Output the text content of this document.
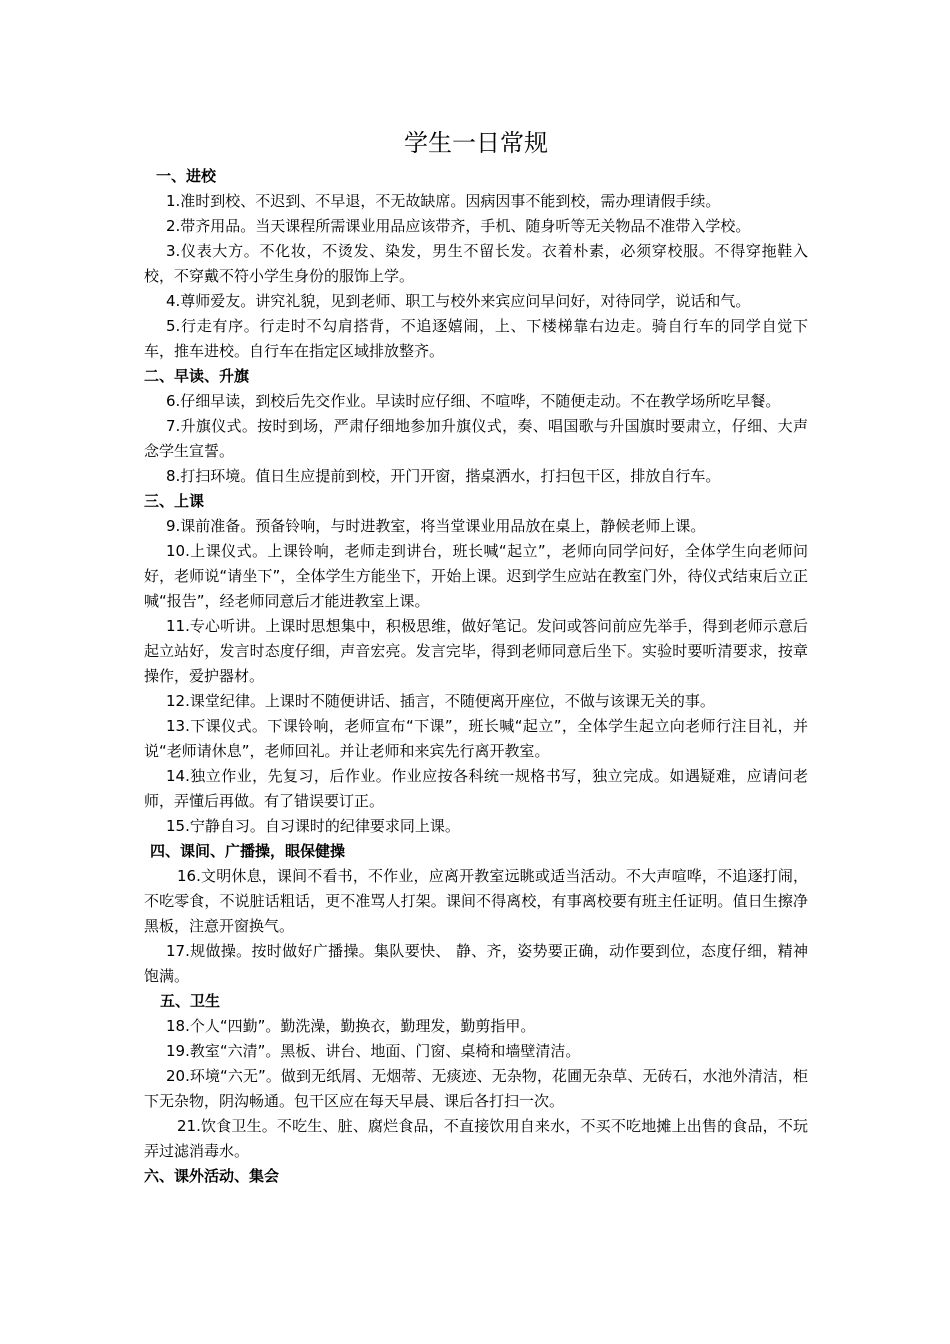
学生一日常规
一、进校

1.准时到校、不迟到、不早退，不无故缺席。因病因事不能到校，需办理请假手续。

2.带齐用品。当天课程所需课业用品应该带齐，手机、随身听等无关物品不准带入学校。

3.仪表大方。不化妆，不烫发、染发，男生不留长发。衣着朴素，必须穿校服。不得穿拖鞋入校，不穿戴不符小学生身份的服饰上学。

4.尊师爱友。讲究礼貌，见到老师、职工与校外来宾应问早问好，对待同学，说话和气。

5.行走有序。行走时不勾肩搭背，不追逐嬉闹，上、下楼梯靠右边走。骑自行车的同学自觉下车，推车进校。自行车在指定区域排放整齐。

二、早读、升旗

6.仔细早读，到校后先交作业。早读时应仔细、不喧哗，不随便走动。不在教学场所吃早餐。

7.升旗仪式。按时到场，严肃仔细地参加升旗仪式，奏、唱国歌与升国旗时要肃立，仔细、大声念学生宣誓。

8.打扫环境。值日生应提前到校，开门开窗，揩桌洒水，打扫包干区，排放自行车。

三、上课

9.课前准备。预备铃响，与时进教室，将当堂课业用品放在桌上，静候老师上课。

10.上课仪式。上课铃响，老师走到讲台，班长喊“起立”，老师向同学问好，全体学生向老师问好，老师说“请坐下”，全体学生方能坐下，开始上课。迟到学生应站在教室门外，待仪式结束后立正喊“报告”，经老师同意后才能进教室上课。

11.专心听讲。上课时思想集中，积极思维，做好笔记。发问或答问前应先举手，得到老师示意后起立站好，发言时态度仔细，声音宏亮。发言完毕，得到老师同意后坐下。实验时要听清要求，按章操作，爱护器材。

12.课堂纪律。上课时不随便讲话、插言，不随便离开座位，不做与该课无关的事。

13.下课仪式。下课铃响，老师宣布“下课”，班长喊“起立”，全体学生起立向老师行注目礼，并说“老师请休息”，老师回礼。并让老师和来宾先行离开教室。

14.独立作业，先复习，后作业。作业应按各科统一规格书写，独立完成。如遇疑难，应请问老师，弄懂后再做。有了错误要订正。

15.宁静自习。自习课时的纪律要求同上课。

四、课间、广播操，眼保健操

16.文明休息，课间不看书，不作业，应离开教室远眺或适当活动。不大声喧哗，不追逐打闹，不吃零食，不说脏话粗话，更不准骂人打架。课间不得离校，有事离校要有班主任证明。值日生擦净黑板，注意开窗换气。

17.规做操。按时做好广播操。集队要快、 静、齐，姿势要正确，动作要到位，态度仔细，精神饱满。

五、卫生

18.个人“四勤”。勤洗澡，勤换衣，勤理发，勤剪指甲。

19.教室“六清”。黑板、讲台、地面、门窗、桌椅和墙壁清洁。

20.环境“六无”。做到无纸屑、无烟蒂、无痰迹、无杂物，花圃无杂草、无砖石，水池外清洁，柜下无杂物，阴沟畅通。包干区应在每天早晨、课后各打扫一次。

21.饮食卫生。不吃生、脏、腐烂食品，不直接饮用自来水，不买不吃地摊上出售的食品，不玩弄过滤消毒水。

六、课外活动、集会
